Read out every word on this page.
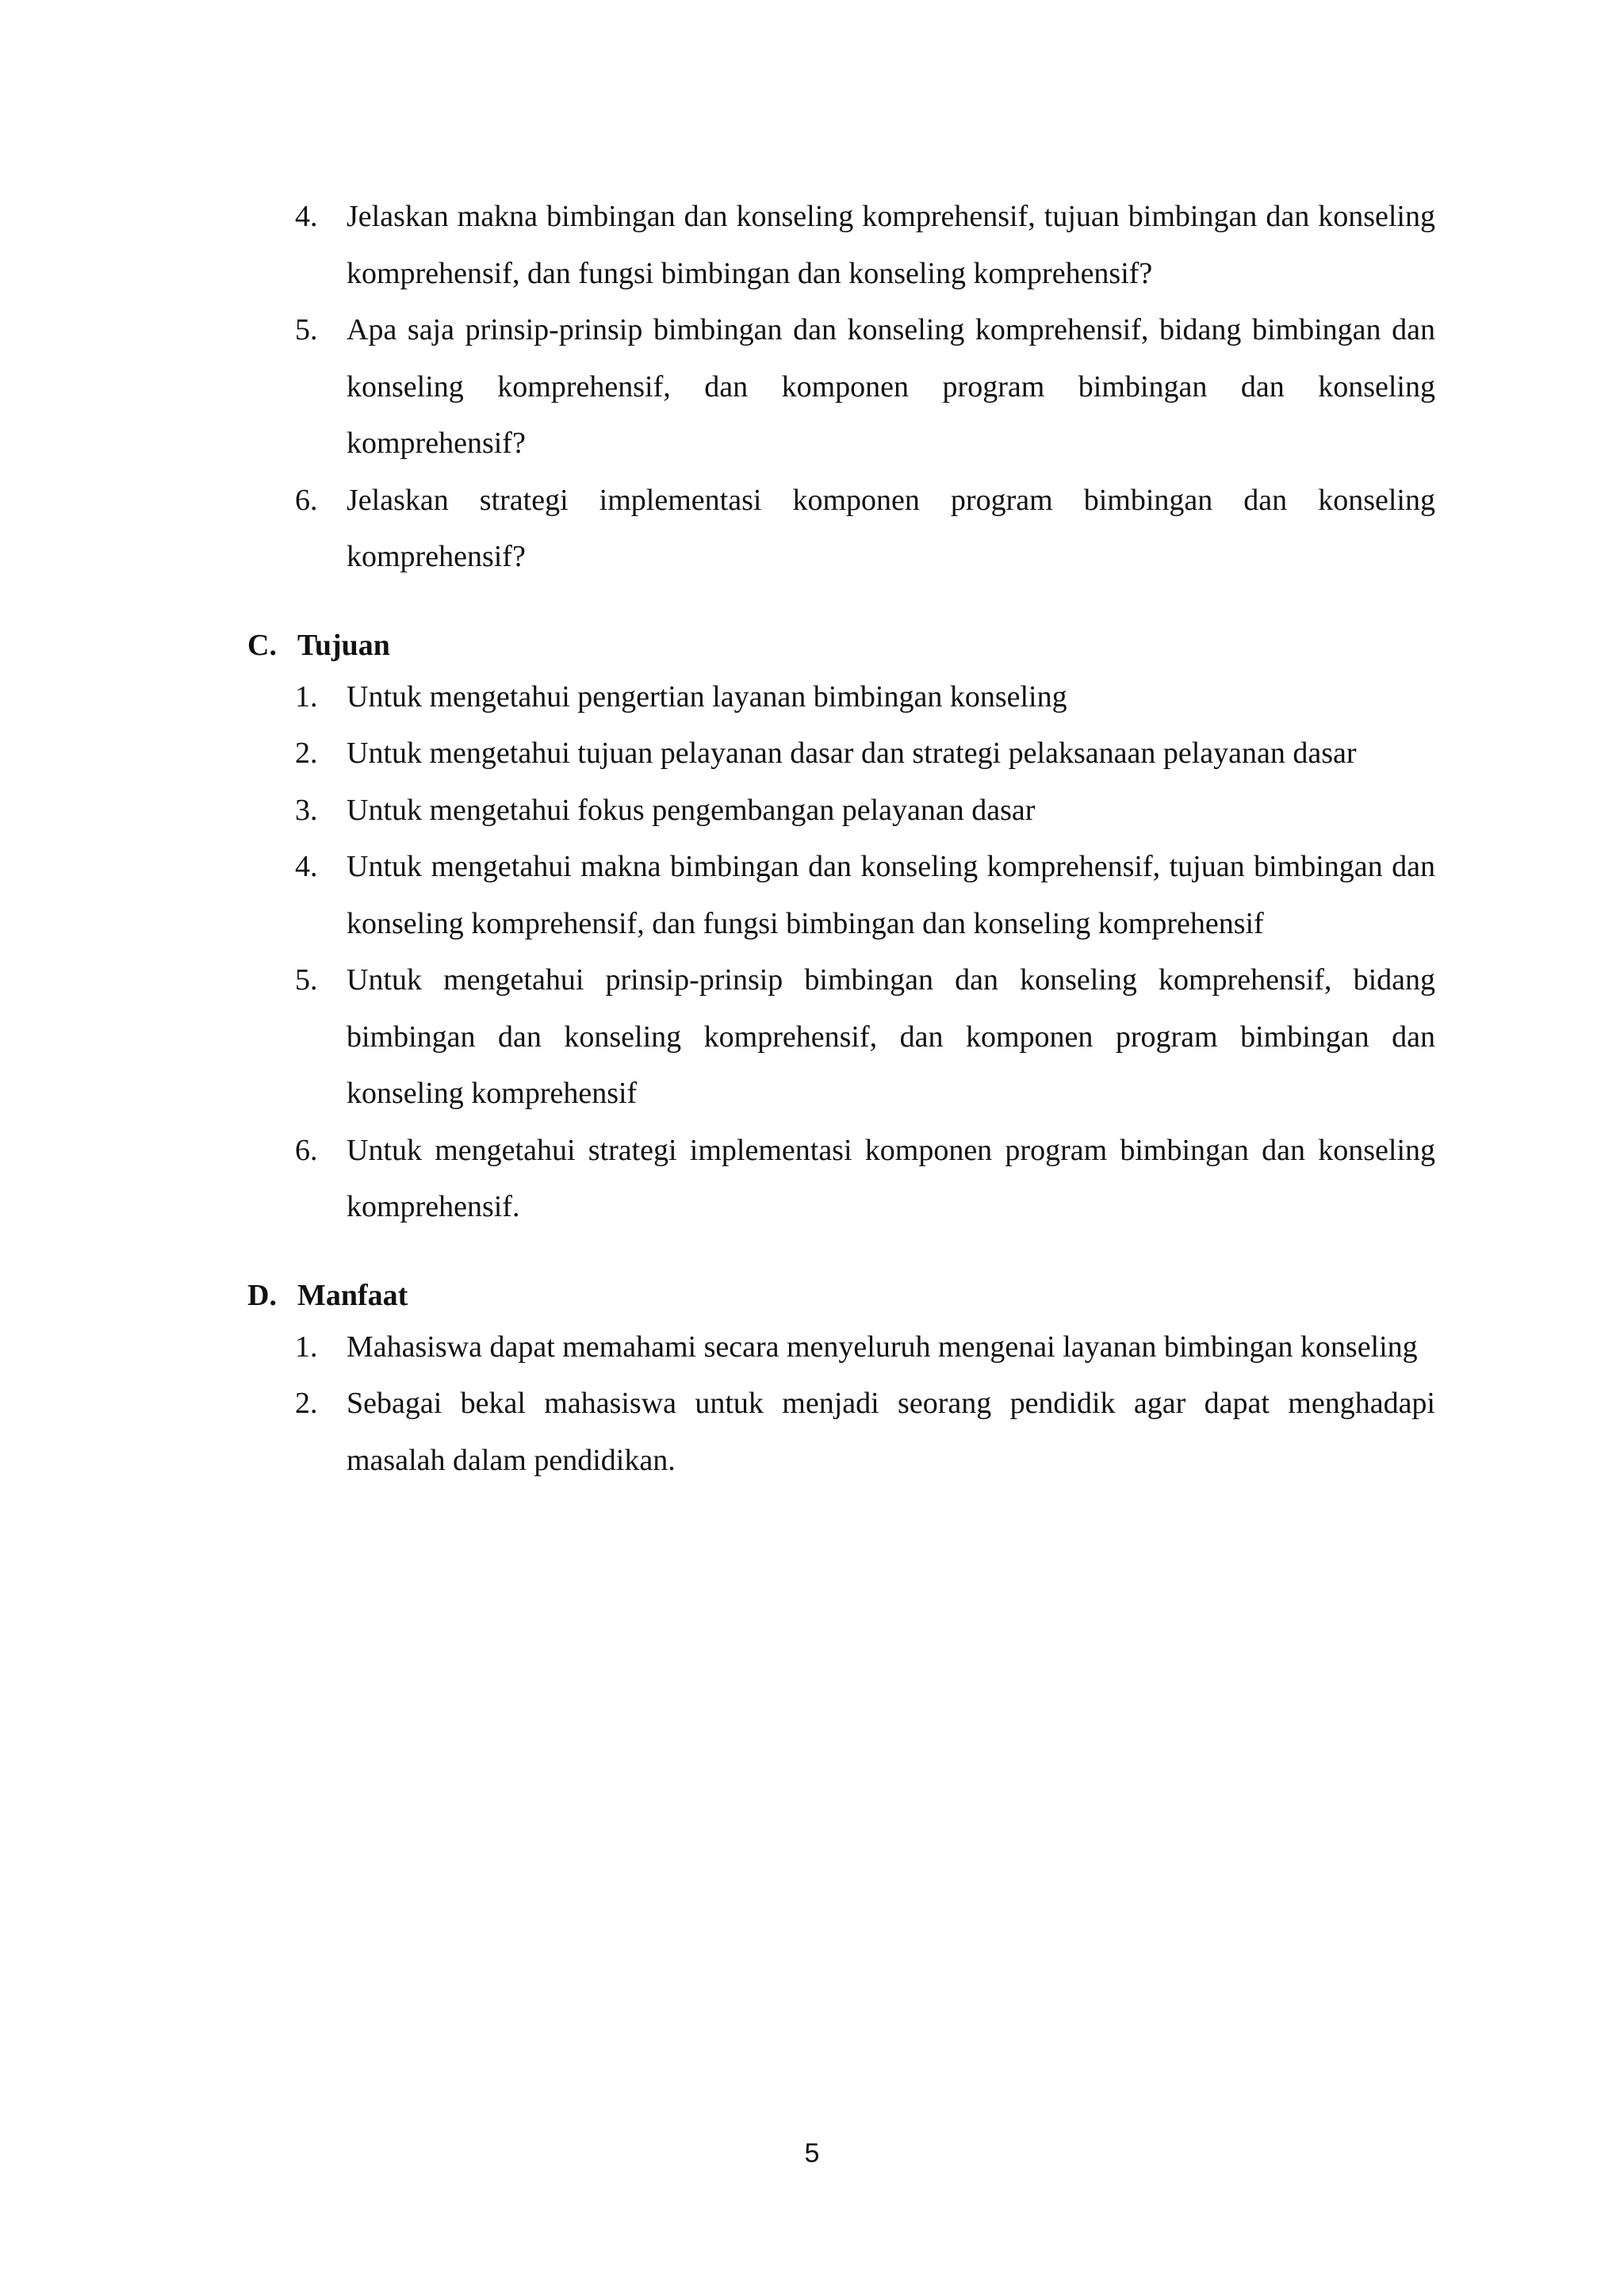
4. Jelaskan makna bimbingan dan konseling komprehensif, tujuan bimbingan dan konseling komprehensif, dan fungsi bimbingan dan konseling komprehensif?
5. Apa saja prinsip-prinsip bimbingan dan konseling komprehensif, bidang bimbingan dan konseling komprehensif, dan komponen program bimbingan dan konseling komprehensif?
6. Jelaskan strategi implementasi komponen program bimbingan dan konseling komprehensif?
C. Tujuan
1. Untuk mengetahui pengertian layanan bimbingan konseling
2. Untuk mengetahui tujuan pelayanan dasar dan strategi pelaksanaan pelayanan dasar
3. Untuk mengetahui fokus pengembangan pelayanan dasar
4. Untuk mengetahui makna bimbingan dan konseling komprehensif, tujuan bimbingan dan konseling komprehensif, dan fungsi bimbingan dan konseling komprehensif
5. Untuk mengetahui prinsip-prinsip bimbingan dan konseling komprehensif, bidang bimbingan dan konseling komprehensif, dan komponen program bimbingan dan konseling komprehensif
6. Untuk mengetahui strategi implementasi komponen program bimbingan dan konseling komprehensif.
D. Manfaat
1. Mahasiswa dapat memahami secara menyeluruh mengenai layanan bimbingan konseling
2. Sebagai bekal mahasiswa untuk menjadi seorang pendidik agar dapat menghadapi masalah dalam pendidikan.
5
